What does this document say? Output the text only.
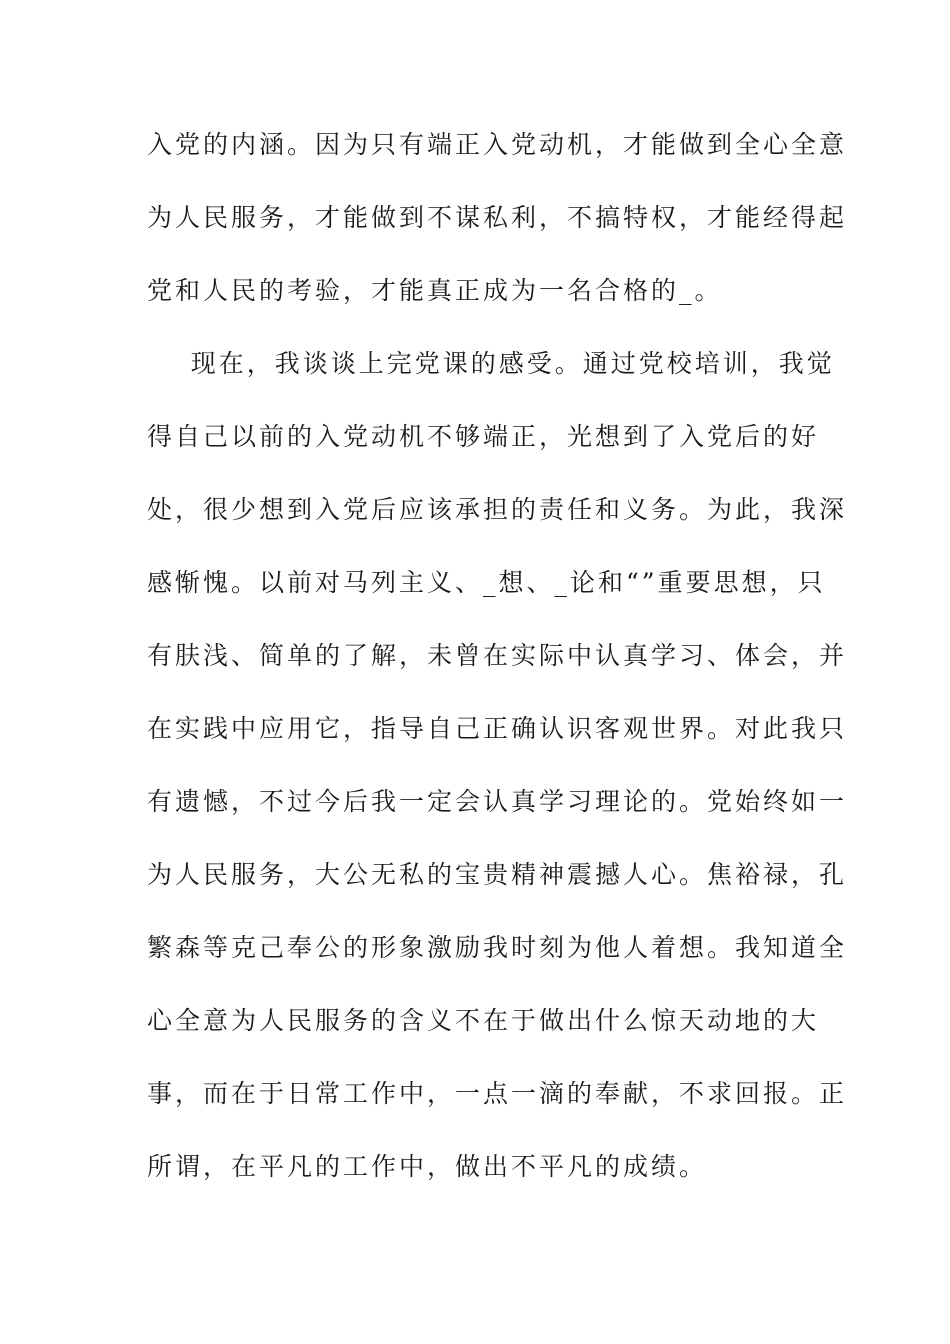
入党的内涵。因为只有端正入党动机，才能做到全心全意
为人民服务，才能做到不谋私利，不搞特权，才能经得起
党和人民的考验，才能真正成为一名合格的_。
现在，我谈谈上完党课的感受。通过党校培训，我觉
得自己以前的入党动机不够端正，光想到了入党后的好
处，很少想到入党后应该承担的责任和义务。为此，我深
感惭愧。以前对马列主义、_想、_论和“”重要思想，只
有肤浅、简单的了解，未曾在实际中认真学习、体会，并
在实践中应用它，指导自己正确认识客观世界。对此我只
有遗憾，不过今后我一定会认真学习理论的。党始终如一
为人民服务，大公无私的宝贵精神震撼人心。焦裕禄，孔
繁森等克己奉公的形象激励我时刻为他人着想。我知道全
心全意为人民服务的含义不在于做出什么惊天动地的大
事，而在于日常工作中，一点一滴的奉献，不求回报。正
所谓，在平凡的工作中，做出不平凡的成绩。
